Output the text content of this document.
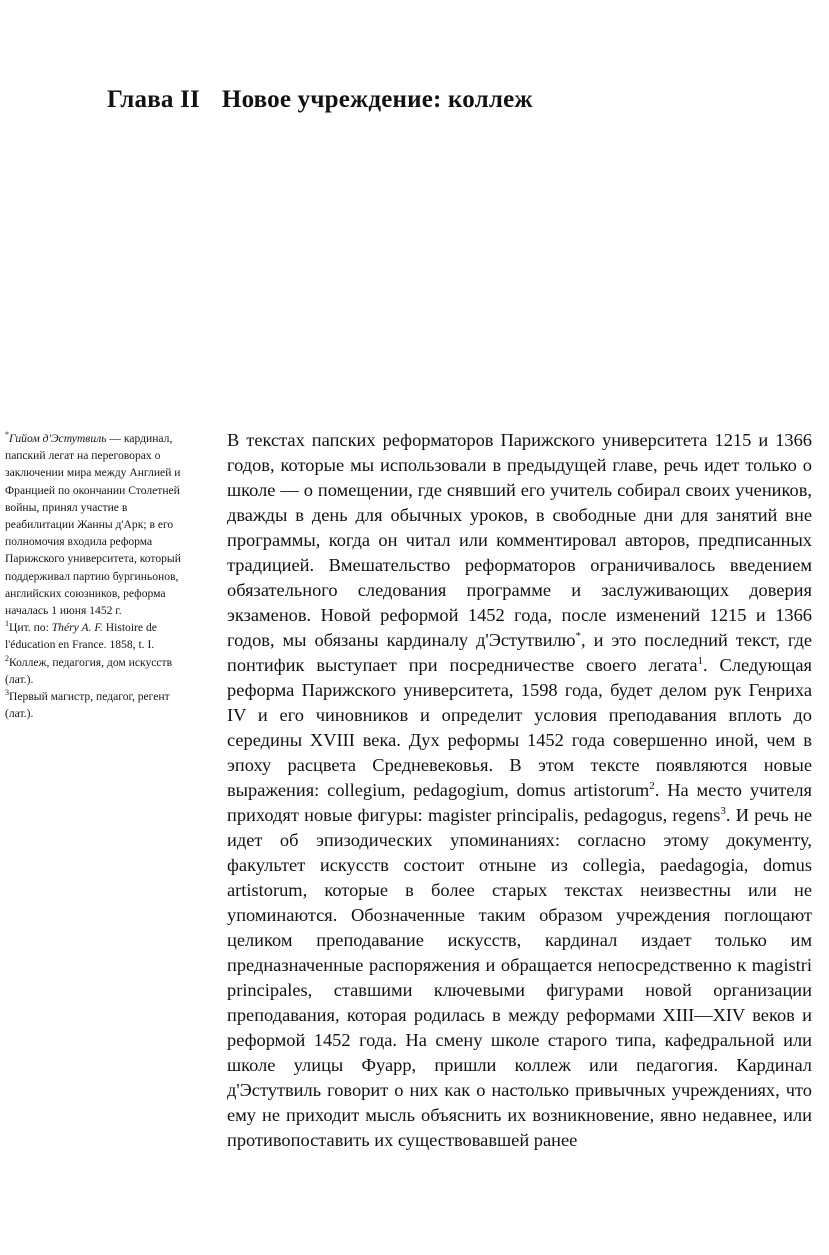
Глава II Новое учреждение: коллеж
*Гийом д'Эстутвиль — кардинал, папский легат на переговорах о заключении мира между Англией и Францией по окончании Столетней войны, принял участие в реабилитации Жанны д'Арк; в его полномочия входила реформа Парижского университета, который поддерживал партию бургиньонов, английских союзников, реформа началась 1 июня 1452 г.
$^1$Цит. по: Théry A. F. Histoire de l'éducation en France. 1858, t. I.
$^2$Коллеж, педагогия, дом искусств (лат.).
$^3$Первый магистр, педагог, регент (лат.).

В текстах папских реформаторов Парижского университета 1215 и 1366 годов, которые мы использовали в предыдущей главе, речь идет только о школе — о помещении, где снявший его учитель собирал своих учеников, дважды в день для обычных уроков, в свободные дни для занятий вне программы, когда он читал или комментировал авторов, предписанных традицией. Вмешательство реформаторов ограничивалось введением обязательного следования программе и заслуживающих доверия экзаменов. Новой реформой 1452 года, после изменений 1215 и 1366 годов, мы обязаны кардиналу д'Эстутвилю*, и это последний текст, где понтифик выступает при посредничестве своего легата$^1$. Следующая реформа Парижского университета, 1598 года, будет делом рук Генриха IV и его чиновников и определит условия преподавания вплоть до середины XVIII века. Дух реформы 1452 года совершенно иной, чем в эпоху расцвета Средневековья. В этом тексте появляются новые выражения: collegium, pedagogium, domus artistorum$^2$. На место учителя приходят новые фигуры: magister principalis, pedagogus, regens$^3$. И речь не идет об эпизодических упоминаниях: согласно этому документу, факультет искусств состоит отныне из collegia, paedagogia, domus artistorum, которые в более старых текстах неизвестны или не упоминаются. Обозначенные таким образом учреждения поглощают целиком преподавание искусств, кардинал издает только им предназначенные распоряжения и обращается непосредственно к magistri principales, ставшими ключевыми фигурами новой организации преподавания, которая родилась в между реформами XIII—XIV веков и реформой 1452 года. На смену школе старого типа, кафедральной или школе улицы Фуарр, пришли коллеж или педагогия. Кардинал д'Эстутвиль говорит о них как о настолько привычных учреждениях, что ему не приходит мысль объяснить их возникновение, явно недавнее, или противопоставить их существовавшей ранее
